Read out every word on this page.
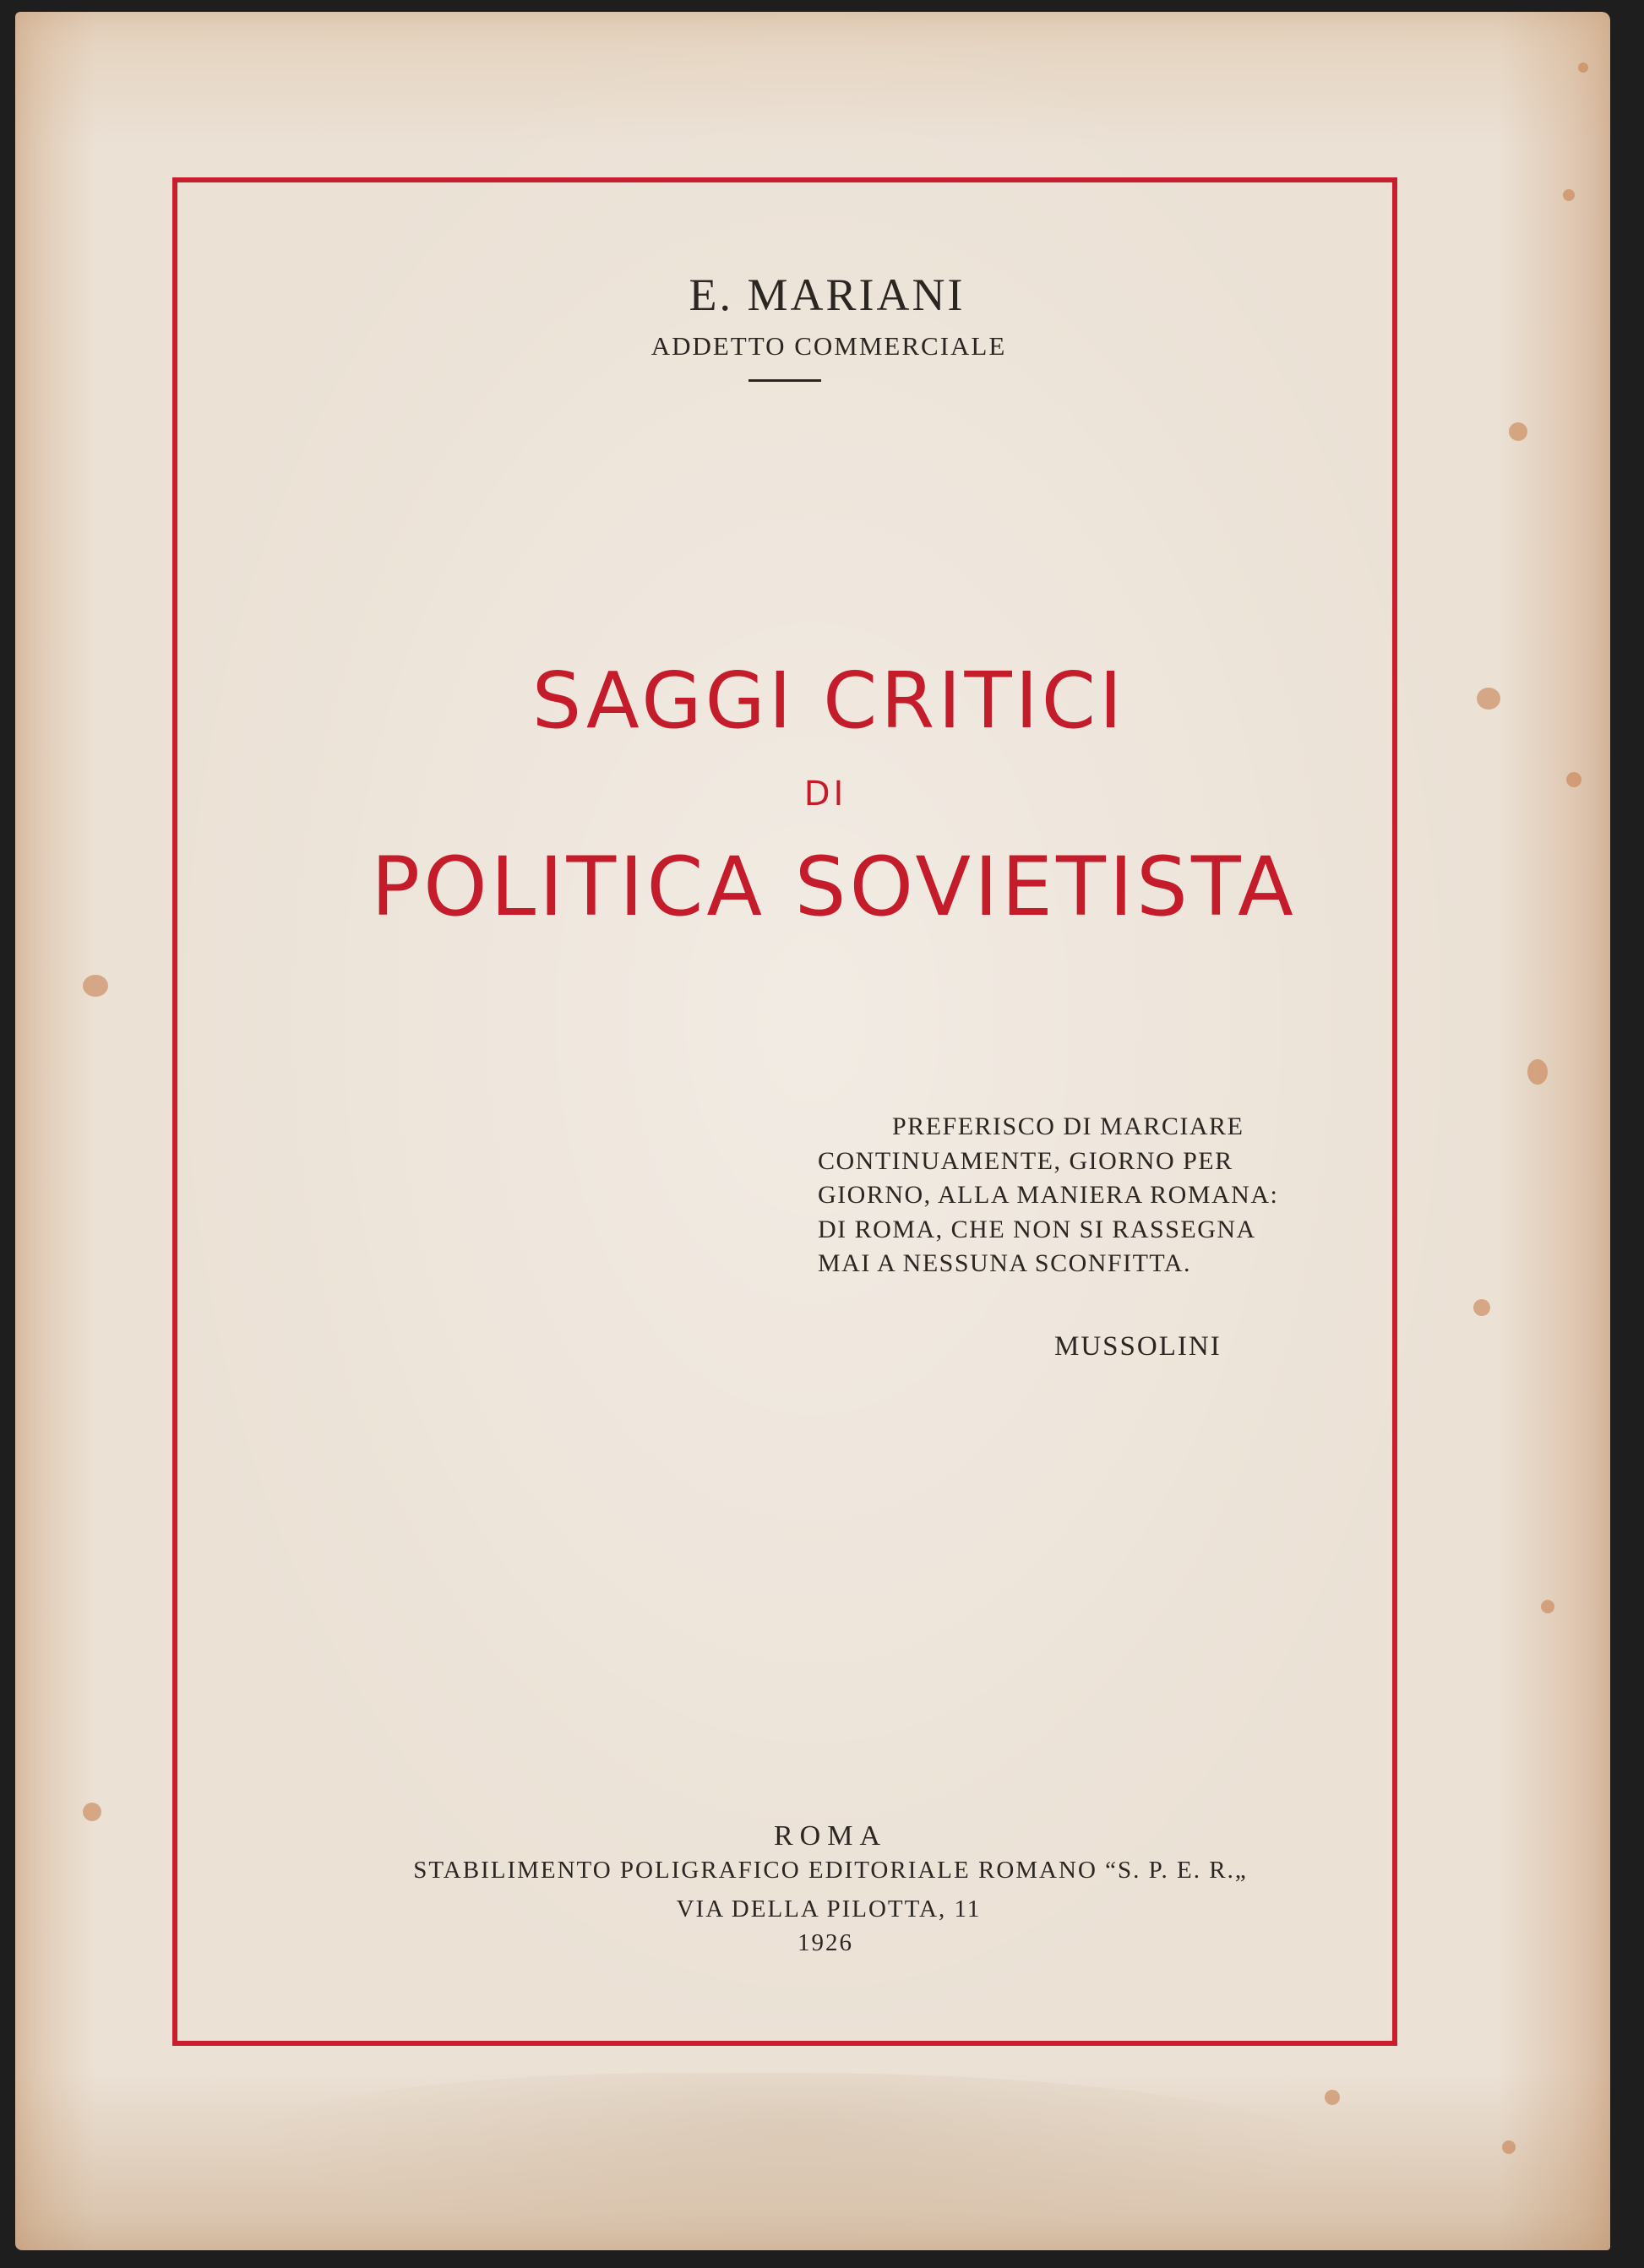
E. MARIANI

ADDETTO COMMERCIALE

SAGGI CRITICI

DI

POLITICA SOVIETISTA

PREFERISCO DI MARCIARE
CONTINUAMENTE, GIORNO PER
GIORNO, ALLA MANIERA ROMANA:
DI ROMA, CHE NON SI RASSEGNA
MAI A NESSUNA SCONFITTA.
MUSSOLINI

ROMA

STABILIMENTO POLIGRAFICO EDITORIALE ROMANO “S. P. E. R.„

VIA DELLA PILOTTA, 11

1926
